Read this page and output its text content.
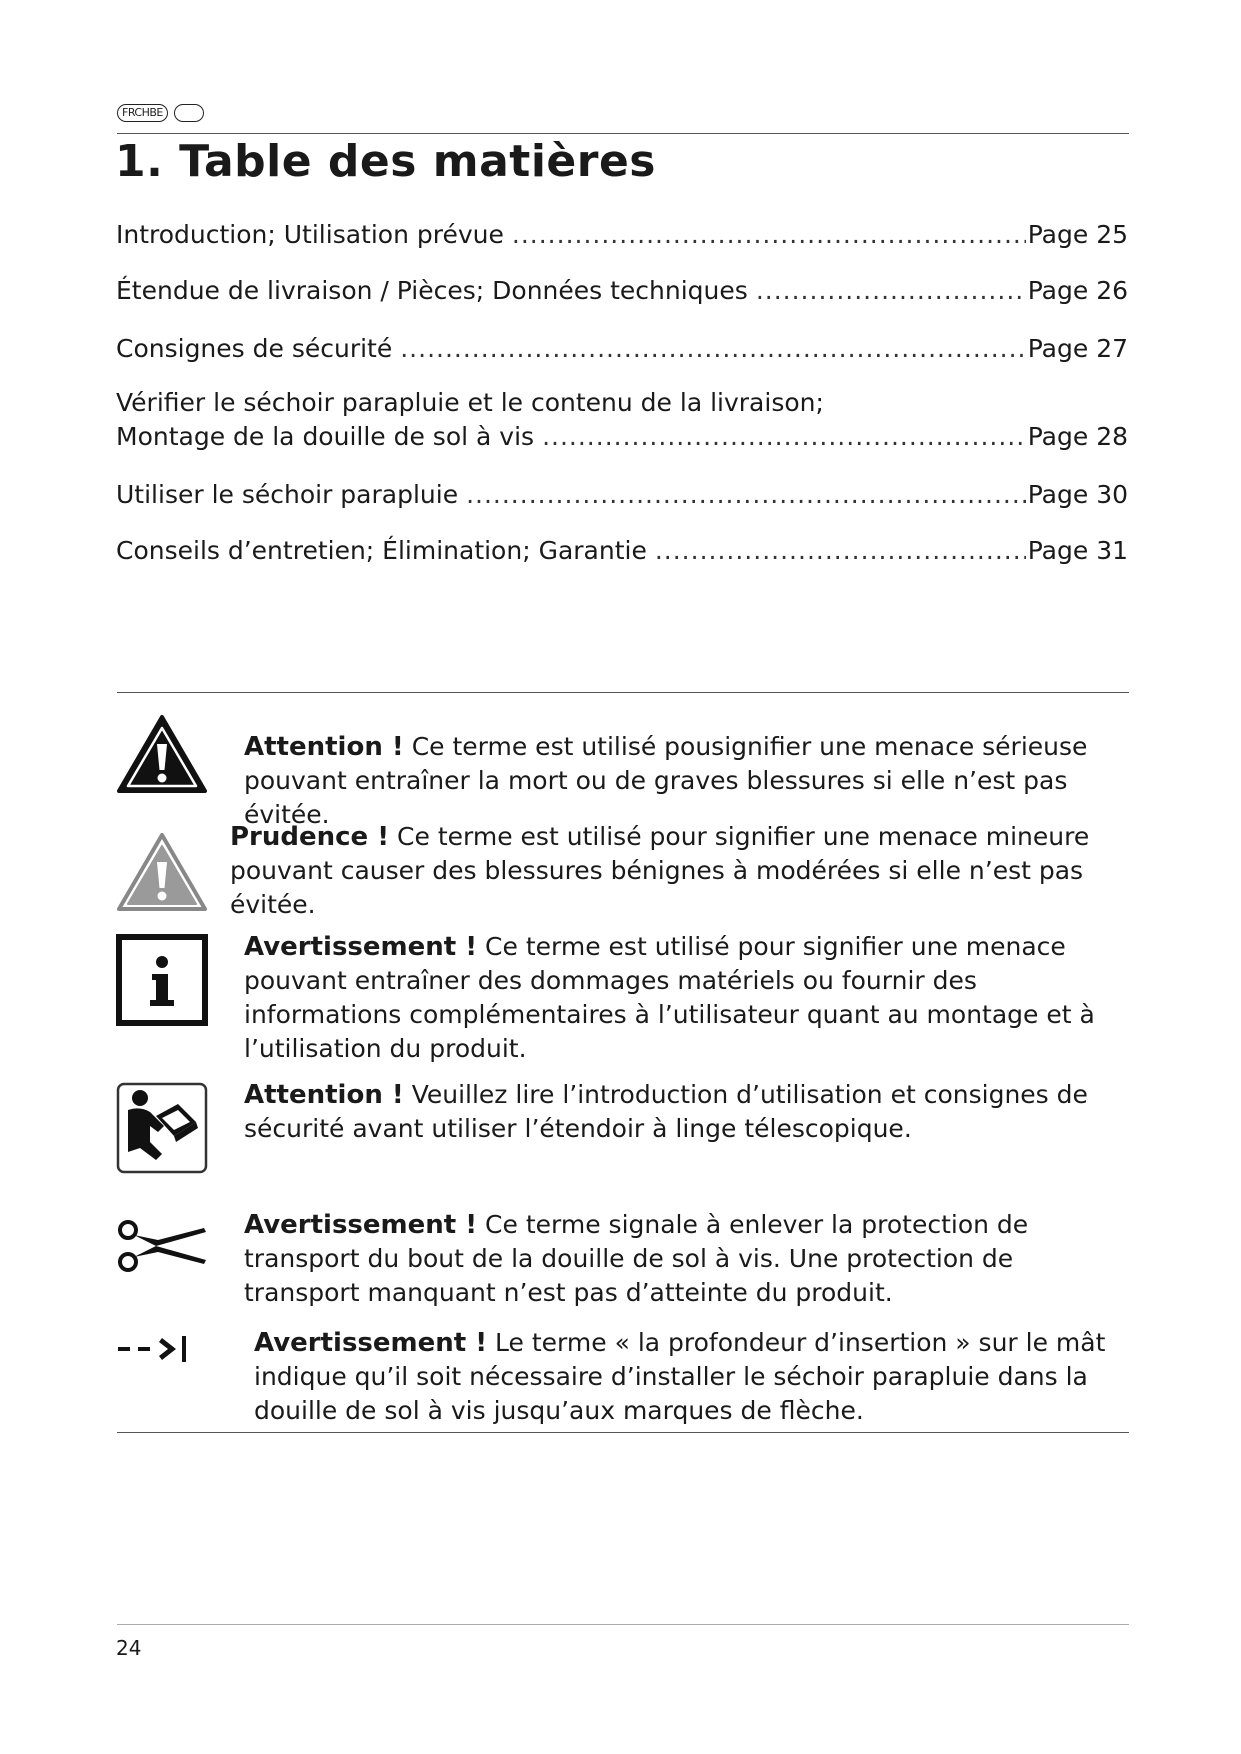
FRCHBE
1. Table des matières
Introduction; Utilisation prévue .....	Page 25
Étendue de livraison / Pièces; Données techniques .....	Page 26
Consignes de sécurité .....	Page 27
Vérifier le séchoir parapluie et le contenu de la livraison;
Montage de la douille de sol à vis .....	Page 28
Utiliser le séchoir parapluie .....	Page 30
Conseils d’entretien; Élimination; Garantie .....	Page 31
Attention ! Ce terme est utilisé pousignifier une menace sérieuse pouvant entraîner la mort ou de graves blessures si elle n’est pas évitée.
Prudence ! Ce terme est utilisé pour signifier une menace mineure pouvant causer des blessures bénignes à modérées si elle n’est pas évitée.
Avertissement ! Ce terme est utilisé pour signifier une menace pouvant entraîner des dommages matériels ou fournir des informations complémentaires à l’utilisateur quant au montage et à l’utilisation du produit.
Attention ! Veuillez lire l’introduction d’utilisation et consignes de sécurité avant utiliser l’étendoir à linge télescopique.
Avertissement ! Ce terme signale à enlever la protection de transport du bout de la douille de sol à vis. Une protection de transport manquant n’est pas d’atteinte du produit.
Avertissement ! Le terme « la profondeur d’insertion » sur le mât indique qu’il soit nécessaire d’installer le séchoir parapluie dans la douille de sol à vis jusqu’aux marques de flèche.
24
